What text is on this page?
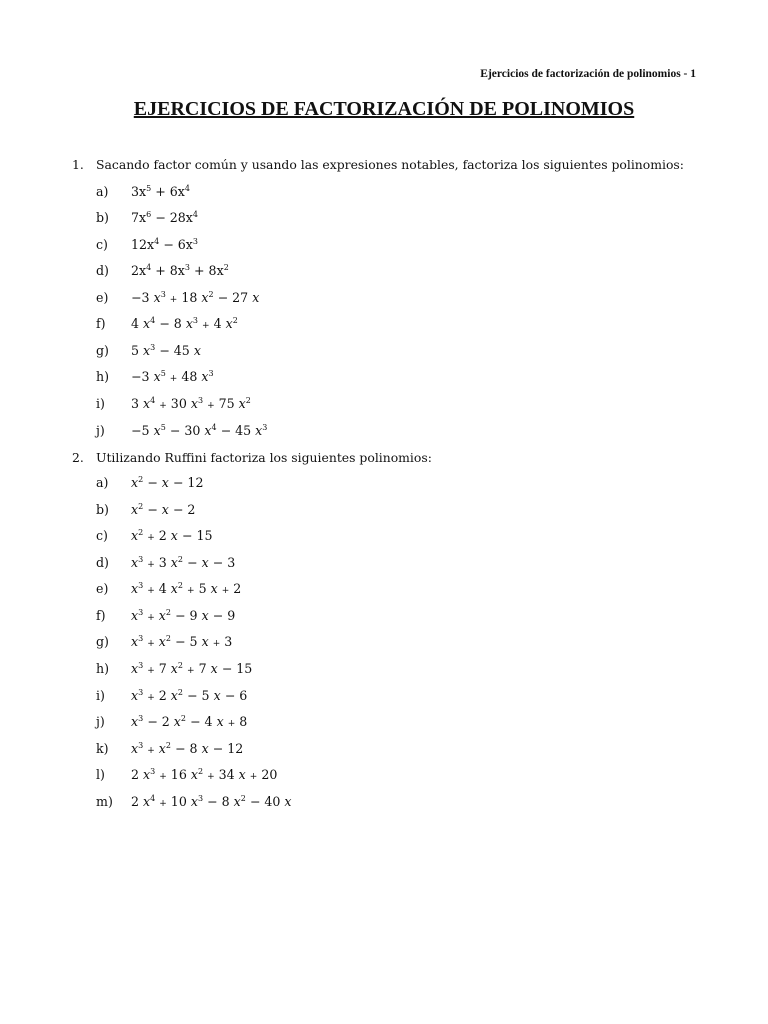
Ejercicios de factorización de polinomios - 1
EJERCICIOS DE FACTORIZACIÓN DE POLINOMIOS
1. Sacando factor común y usando las expresiones notables, factoriza los siguientes polinomios:
a) $3x^5 + 6x^4$
b) $7x^6 - 28x^4$
c) $12x^4 - 6x^3$
d) $2x^4 + 8x^3 + 8x^2$
e) −3 $x^3 + 18$ $x^2 - 27$ x
f) 4 $x^4 - 8$ $x^3 + 4$ $x^2$
g) 5 $x^3 - 45$ x
h) −3 $x^5 + 48$ $x^3$
i) 3 $x^4 + 30$ $x^3 + 75$ $x^2$
j) −5 $x^5 - 30$ $x^4 - 45$ $x^3$
2. Utilizando Ruffini factoriza los siguientes polinomios:
a) $x^2 - x - 12$
b) $x^2 - x - 2$
c) $x^2 + 2$ x − 15
d) $x^3 + 3$ $x^2 - x - 3$
e) $x^3 + 4$ $x^2 + 5$ x + 2
f) $x^3 + x^2 - 9$ x − 9
g) $x^3 + x^2 - 5$ x + 3
h) $x^3 + 7$ $x^2 + 7$ x − 15
i) $x^3 + 2$ $x^2 - 5$ x − 6
j) $x^3 - 2$ $x^2 - 4$ x + 8
k) $x^3 + x^2 - 8$ x − 12
l) 2 $x^3 + 16$ $x^2 + 34$ x + 20
m) 2 $x^4 + 10$ $x^3 - 8$ $x^2 - 40$ x
